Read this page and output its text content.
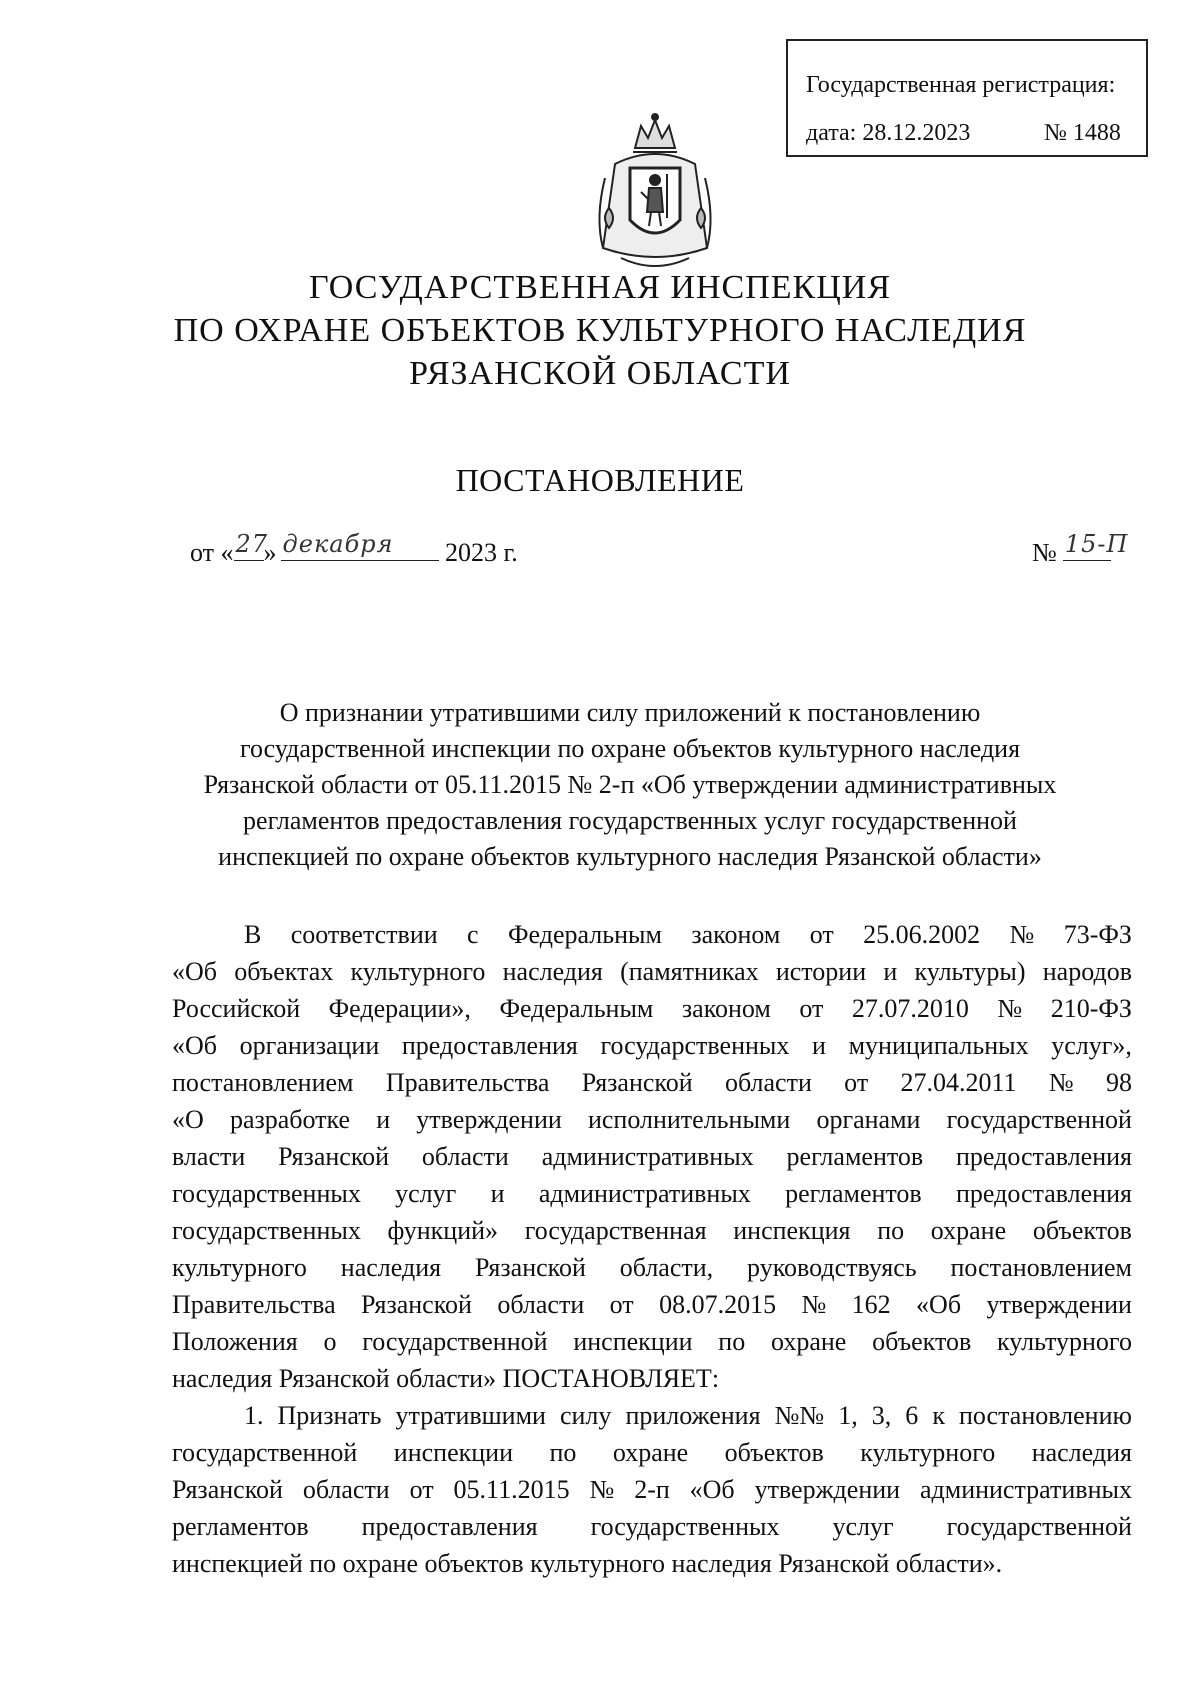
Государственная регистрация:
дата: 28.12.2023	№ 1488
ГОСУДАРСТВЕННАЯ ИНСПЕКЦИЯ
ПО ОХРАНЕ ОБЪЕКТОВ КУЛЬТУРНОГО НАСЛЕДИЯ
РЯЗАНСКОЙ ОБЛАСТИ
ПОСТАНОВЛЕНИЕ
от « 27
» декабря 2023 г.	№ 15-П
О признании утратившими силу приложений к постановлению
государственной инспекции по охране объектов культурного наследия
Рязанской области от 05.11.2015 № 2-п «Об утверждении административных
регламентов предоставления государственных услуг государственной
инспекцией по охране объектов культурного наследия Рязанской области»
В соответствии с Федеральным законом от 25.06.2002 № 73-ФЗ
«Об объектах культурного наследия (памятниках истории и культуры) народов
Российской Федерации», Федеральным законом от 27.07.2010 № 210-ФЗ
«Об организации предоставления государственных и муниципальных услуг»,
постановлением Правительства Рязанской области от 27.04.2011 № 98
«О разработке и утверждении исполнительными органами государственной
власти Рязанской области административных регламентов предоставления
государственных услуг и административных регламентов предоставления
государственных функций» государственная инспекция по охране объектов
культурного наследия Рязанской области, руководствуясь постановлением
Правительства Рязанской области от 08.07.2015 № 162 «Об утверждении
Положения о государственной инспекции по охране объектов культурного
наследия Рязанской области» ПОСТАНОВЛЯЕТ:
1. Признать утратившими силу приложения №№ 1, 3, 6 к постановлению
государственной инспекции по охране объектов культурного наследия
Рязанской области от 05.11.2015 № 2-п «Об утверждении административных
регламентов предоставления государственных услуг государственной
инспекцией по охране объектов культурного наследия Рязанской области».
